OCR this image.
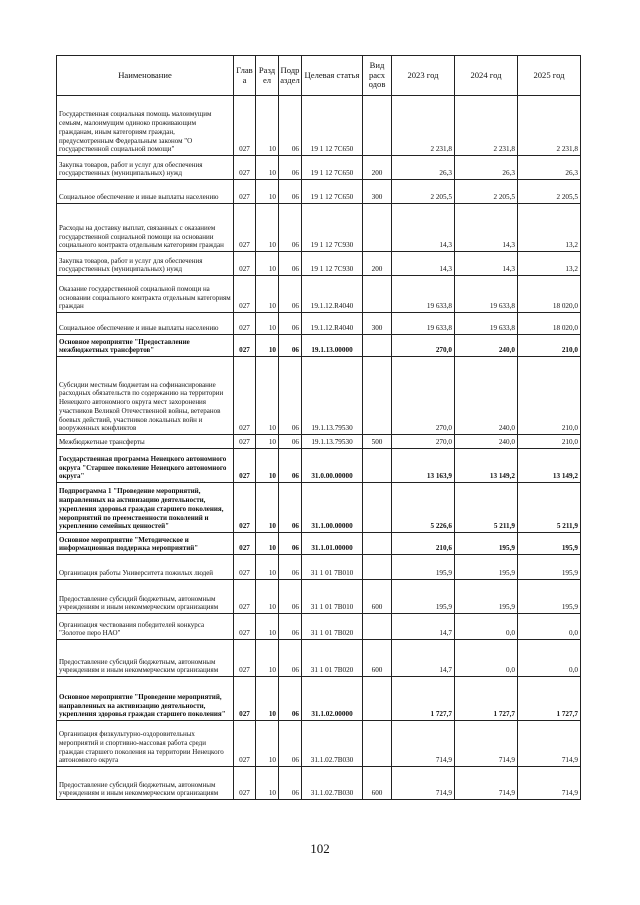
Наименование	Глав а	Разд ел	Подр аздел	Целевая статья	Вид расх одов	2023 год	2024 год	2025 год
Государственная социальная помощь малоимущим семьям, малоимущим одиноко проживающим гражданам, иным категориям граждан, предусмотренным Федеральным законом "О государственной социальной помощи"	027	10	06	19 1 12 7C650		2 231,8	2 231,8	2 231,8
Закупка товаров, работ и услуг для обеспечения государственных (муниципальных) нужд	027	10	06	19 1 12 7C650	200	26,3	26,3	26,3
Социальное обеспечение и иные выплаты населению	027	10	06	19 1 12 7C650	300	2 205,5	2 205,5	2 205,5
Расходы на доставку выплат, связанных с оказанием государственной социальной помощи на основании социального контракта отдельным категориям граждан	027	10	06	19 1 12 7C930		14,3	14,3	13,2
Закупка товаров, работ и услуг для обеспечения государственных (муниципальных) нужд	027	10	06	19 1 12 7C930	200	14,3	14,3	13,2
Оказание государственной социальной помощи на основании социального контракта отдельным категориям граждан	027	10	06	19.1.12.R4040		19 633,8	19 633,8	18 020,0
Социальное обеспечение и иные выплаты населению	027	10	06	19.1.12.R4040	300	19 633,8	19 633,8	18 020,0
Основное мероприятие "Предоставление межбюджетных трансфертов"	027	10	06	19.1.13.00000		270,0	240,0	210,0
Субсидии местным бюджетам на софинансирование расходных обязательств по содержанию на территории Ненецкого автономного округа мест захоронения участников Великой Отечественной войны, ветеранов боевых действий, участников локальных войн и вооруженных конфликтов	027	10	06	19.1.13.79530		270,0	240,0	210,0
Межбюджетные трансферты	027	10	06	19.1.13.79530	500	270,0	240,0	210,0
Государственная программа Ненецкого автономного округа "Старшее поколение Ненецкого автономного округа"	027	10	06	31.0.00.00000		13 163,9	13 149,2	13 149,2
Подпрограмма 1 "Проведение мероприятий, направленных на активизацию деятельности, укрепления здоровья граждан старшего поколения, мероприятий по преемственности поколений и укреплению семейных ценностей"	027	10	06	31.1.00.00000		5 226,6	5 211,9	5 211,9
Основное мероприятие "Методическое и информационная поддержка мероприятий"	027	10	06	31.1.01.00000		210,6	195,9	195,9
Организация работы Университета пожилых людей	027	10	06	31 1 01 7B010		195,9	195,9	195,9
Предоставление субсидий бюджетным, автономным учреждениям и иным некоммерческим организациям	027	10	06	31 1 01 7B010	600	195,9	195,9	195,9
Организация чествования победителей конкурса "Золотое перо НАО"	027	10	06	31 1 01 7B020		14,7	0,0	0,0
Предоставление субсидий бюджетным, автономным учреждениям и иным некоммерческим организациям	027	10	06	31 1 01 7B020	600	14,7	0,0	0,0
Основное мероприятие "Проведение мероприятий, направленных на активизацию деятельности, укрепления здоровья граждан старшего поколения"	027	10	06	31.1.02.00000		1 727,7	1 727,7	1 727,7
Организация физкультурно-оздоровительных мероприятий и спортивно-массовая работа среди граждан старшего поколения на территории Ненецкого автономного округа	027	10	06	31.1.02.7B030		714,9	714,9	714,9
Предоставление субсидий бюджетным, автономным учреждениям и иным некоммерческим организациям	027	10	06	31.1.02.7B030	600	714,9	714,9	714,9
102
